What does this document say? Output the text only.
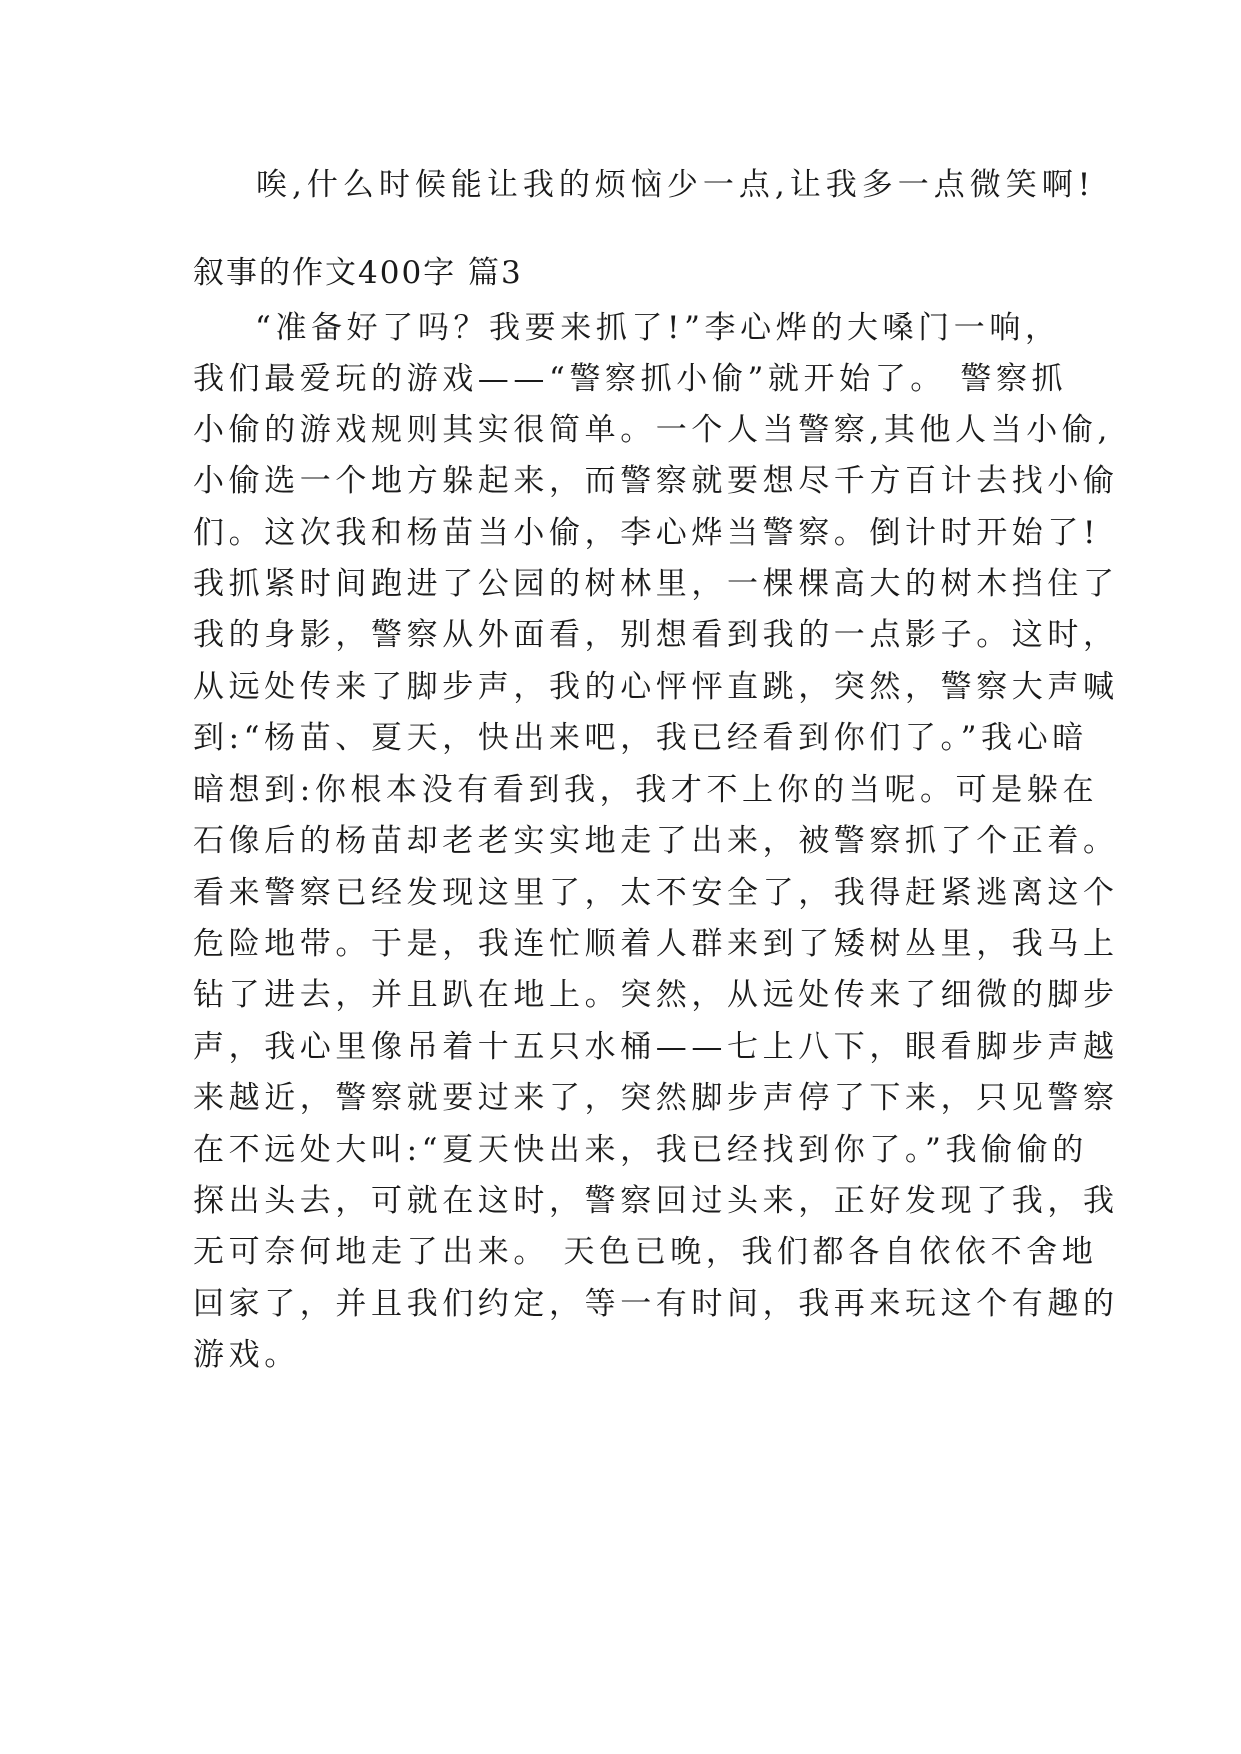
唉,什么时候能让我的烦恼少一点,让我多一点微笑啊!
叙事的作文400字 篇3
“准备好了吗？我要来抓了!”李心烨的大嗓门一响，
我们最爱玩的游戏——“警察抓小偷”就开始了。 警察抓
小偷的游戏规则其实很简单。一个人当警察,其他人当小偷,
小偷选一个地方躲起来，而警察就要想尽千方百计去找小偷
们。这次我和杨苗当小偷，李心烨当警察。倒计时开始了!
我抓紧时间跑进了公园的树林里，一棵棵高大的树木挡住了
我的身影，警察从外面看，别想看到我的一点影子。这时，
从远处传来了脚步声，我的心怦怦直跳，突然，警察大声喊
到:“杨苗、夏天，快出来吧，我已经看到你们了。”我心暗
暗想到:你根本没有看到我，我才不上你的当呢。可是躲在
石像后的杨苗却老老实实地走了出来，被警察抓了个正着。
看来警察已经发现这里了，太不安全了，我得赶紧逃离这个
危险地带。于是，我连忙顺着人群来到了矮树丛里，我马上
钻了进去，并且趴在地上。突然，从远处传来了细微的脚步
声，我心里像吊着十五只水桶——七上八下，眼看脚步声越
来越近，警察就要过来了，突然脚步声停了下来，只见警察
在不远处大叫:“夏天快出来，我已经找到你了。”我偷偷的
探出头去，可就在这时，警察回过头来，正好发现了我，我
无可奈何地走了出来。 天色已晚，我们都各自依依不舍地
回家了，并且我们约定，等一有时间，我再来玩这个有趣的
游戏。
